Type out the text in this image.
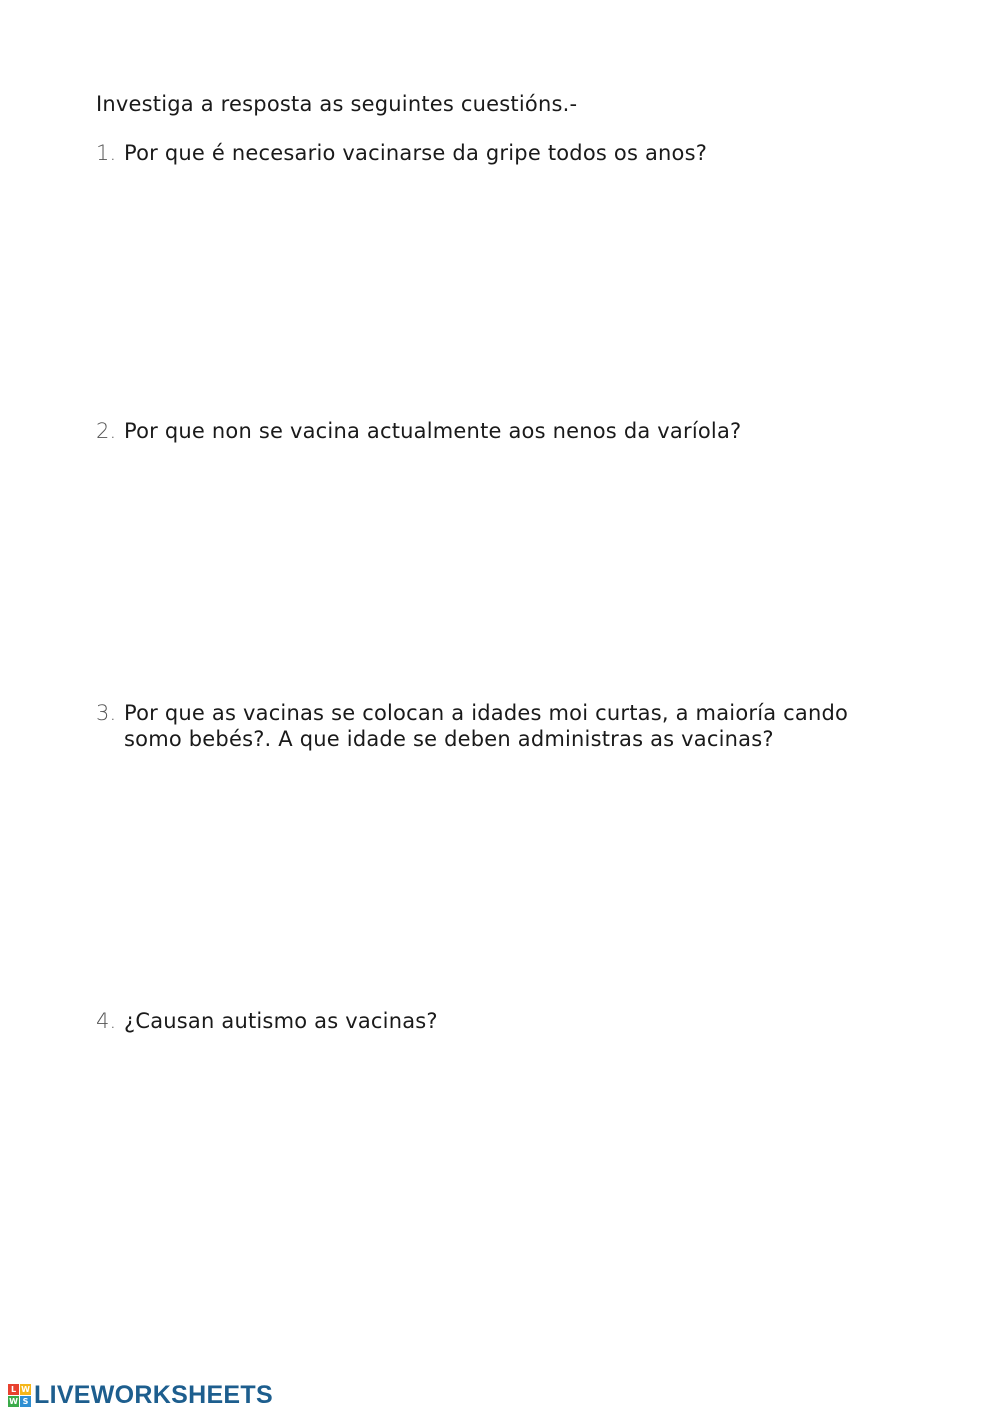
Investiga a resposta as seguintes cuestións.-
1. Por que é necesario vacinarse da gripe todos os anos?
2. Por que non se vacina actualmente aos nenos da varíola?
3. Por que as vacinas se colocan a idades moi curtas, a maioría cando somo bebés?. A que idade se deben administras as vacinas?
4. ¿Causan autismo as vacinas?
L W
W S LIVEWORKSHEETS
